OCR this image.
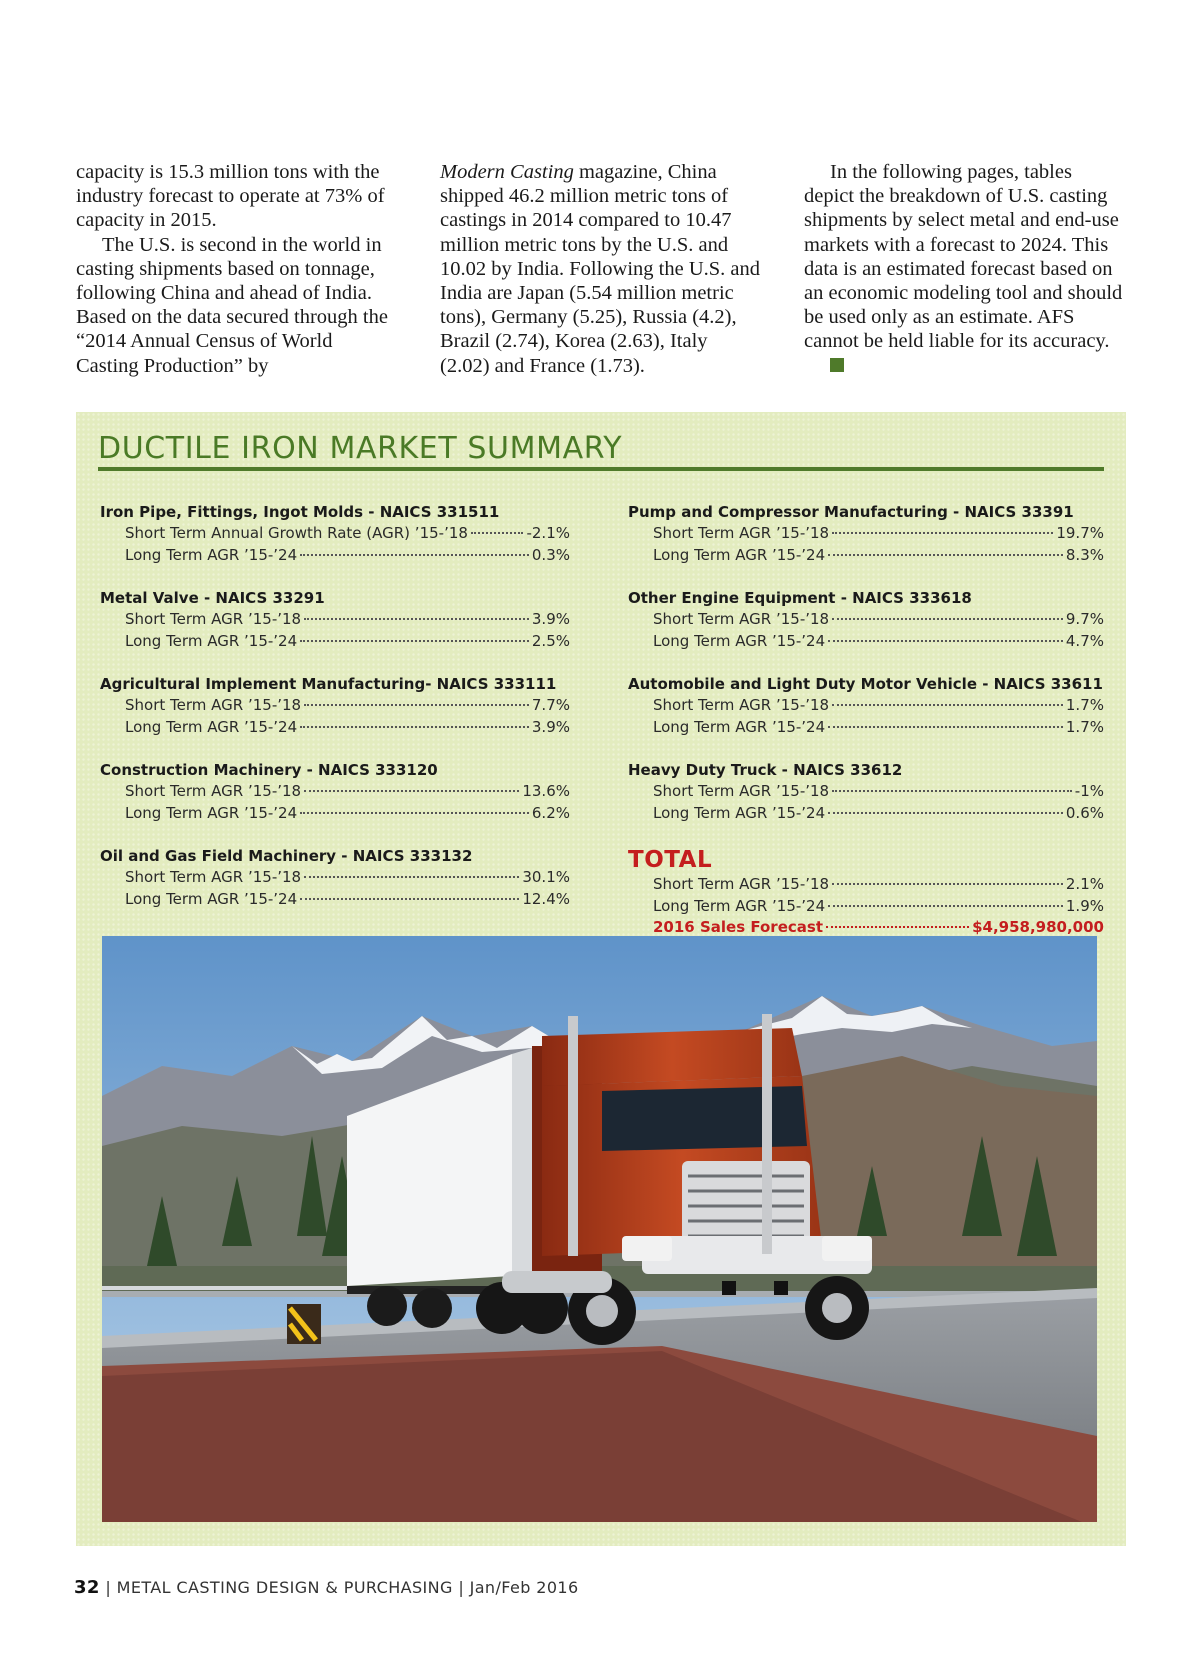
capacity is 15.3 million tons with the industry forecast to operate at 73% of capacity in 2015.

The U.S. is second in the world in casting shipments based on tonnage, following China and ahead of India. Based on the data secured through the “2014 Annual Census of World Casting Production” by

Modern Casting magazine, China shipped 46.2 million metric tons of castings in 2014 compared to 10.47 million metric tons by the U.S. and 10.02 by India. Following the U.S. and India are Japan (5.54 million metric tons), Germany (5.25), Russia (4.2), Brazil (2.74), Korea (2.63), Italy (2.02) and France (1.73).

In the following pages, tables depict the breakdown of U.S. casting shipments by select metal and end-use markets with a forecast to 2024. This data is an estimated forecast based on an economic modeling tool and should be used only as an estimate. AFS cannot be held liable for its accuracy.

DUCTILE IRON MARKET SUMMARY
Iron Pipe, Fittings, Ingot Molds - NAICS 331511
Short Term Annual Growth Rate (AGR) ’15-’18	-2.1%
Long Term AGR ’15-’24	0.3%
Metal Valve - NAICS 33291
Short Term AGR ’15-’18	3.9%
Long Term AGR ’15-’24	2.5%
Agricultural Implement Manufacturing- NAICS 333111
Short Term AGR ’15-’18	7.7%
Long Term AGR ’15-’24	3.9%
Construction Machinery - NAICS 333120
Short Term AGR ’15-’18	13.6%
Long Term AGR ’15-’24	6.2%
Oil and Gas Field Machinery - NAICS 333132
Short Term AGR ’15-’18	30.1%
Long Term AGR ’15-’24	12.4%
Pump and Compressor Manufacturing - NAICS 33391
Short Term AGR ’15-’18	19.7%
Long Term AGR ’15-’24	8.3%
Other Engine Equipment - NAICS 333618
Short Term AGR ’15-’18	9.7%
Long Term AGR ’15-’24	4.7%
Automobile and Light Duty Motor Vehicle - NAICS 33611
Short Term AGR ’15-’18	1.7%
Long Term AGR ’15-’24	1.7%
Heavy Duty Truck - NAICS 33612
Short Term AGR ’15-’18	-1%
Long Term AGR ’15-’24	0.6%
TOTAL
Short Term AGR ’15-’18	2.1%
Long Term AGR ’15-’24	1.9%
2016 Sales Forecast	$4,958,980,000
32 | METAL CASTING DESIGN & PURCHASING | Jan/Feb 2016
